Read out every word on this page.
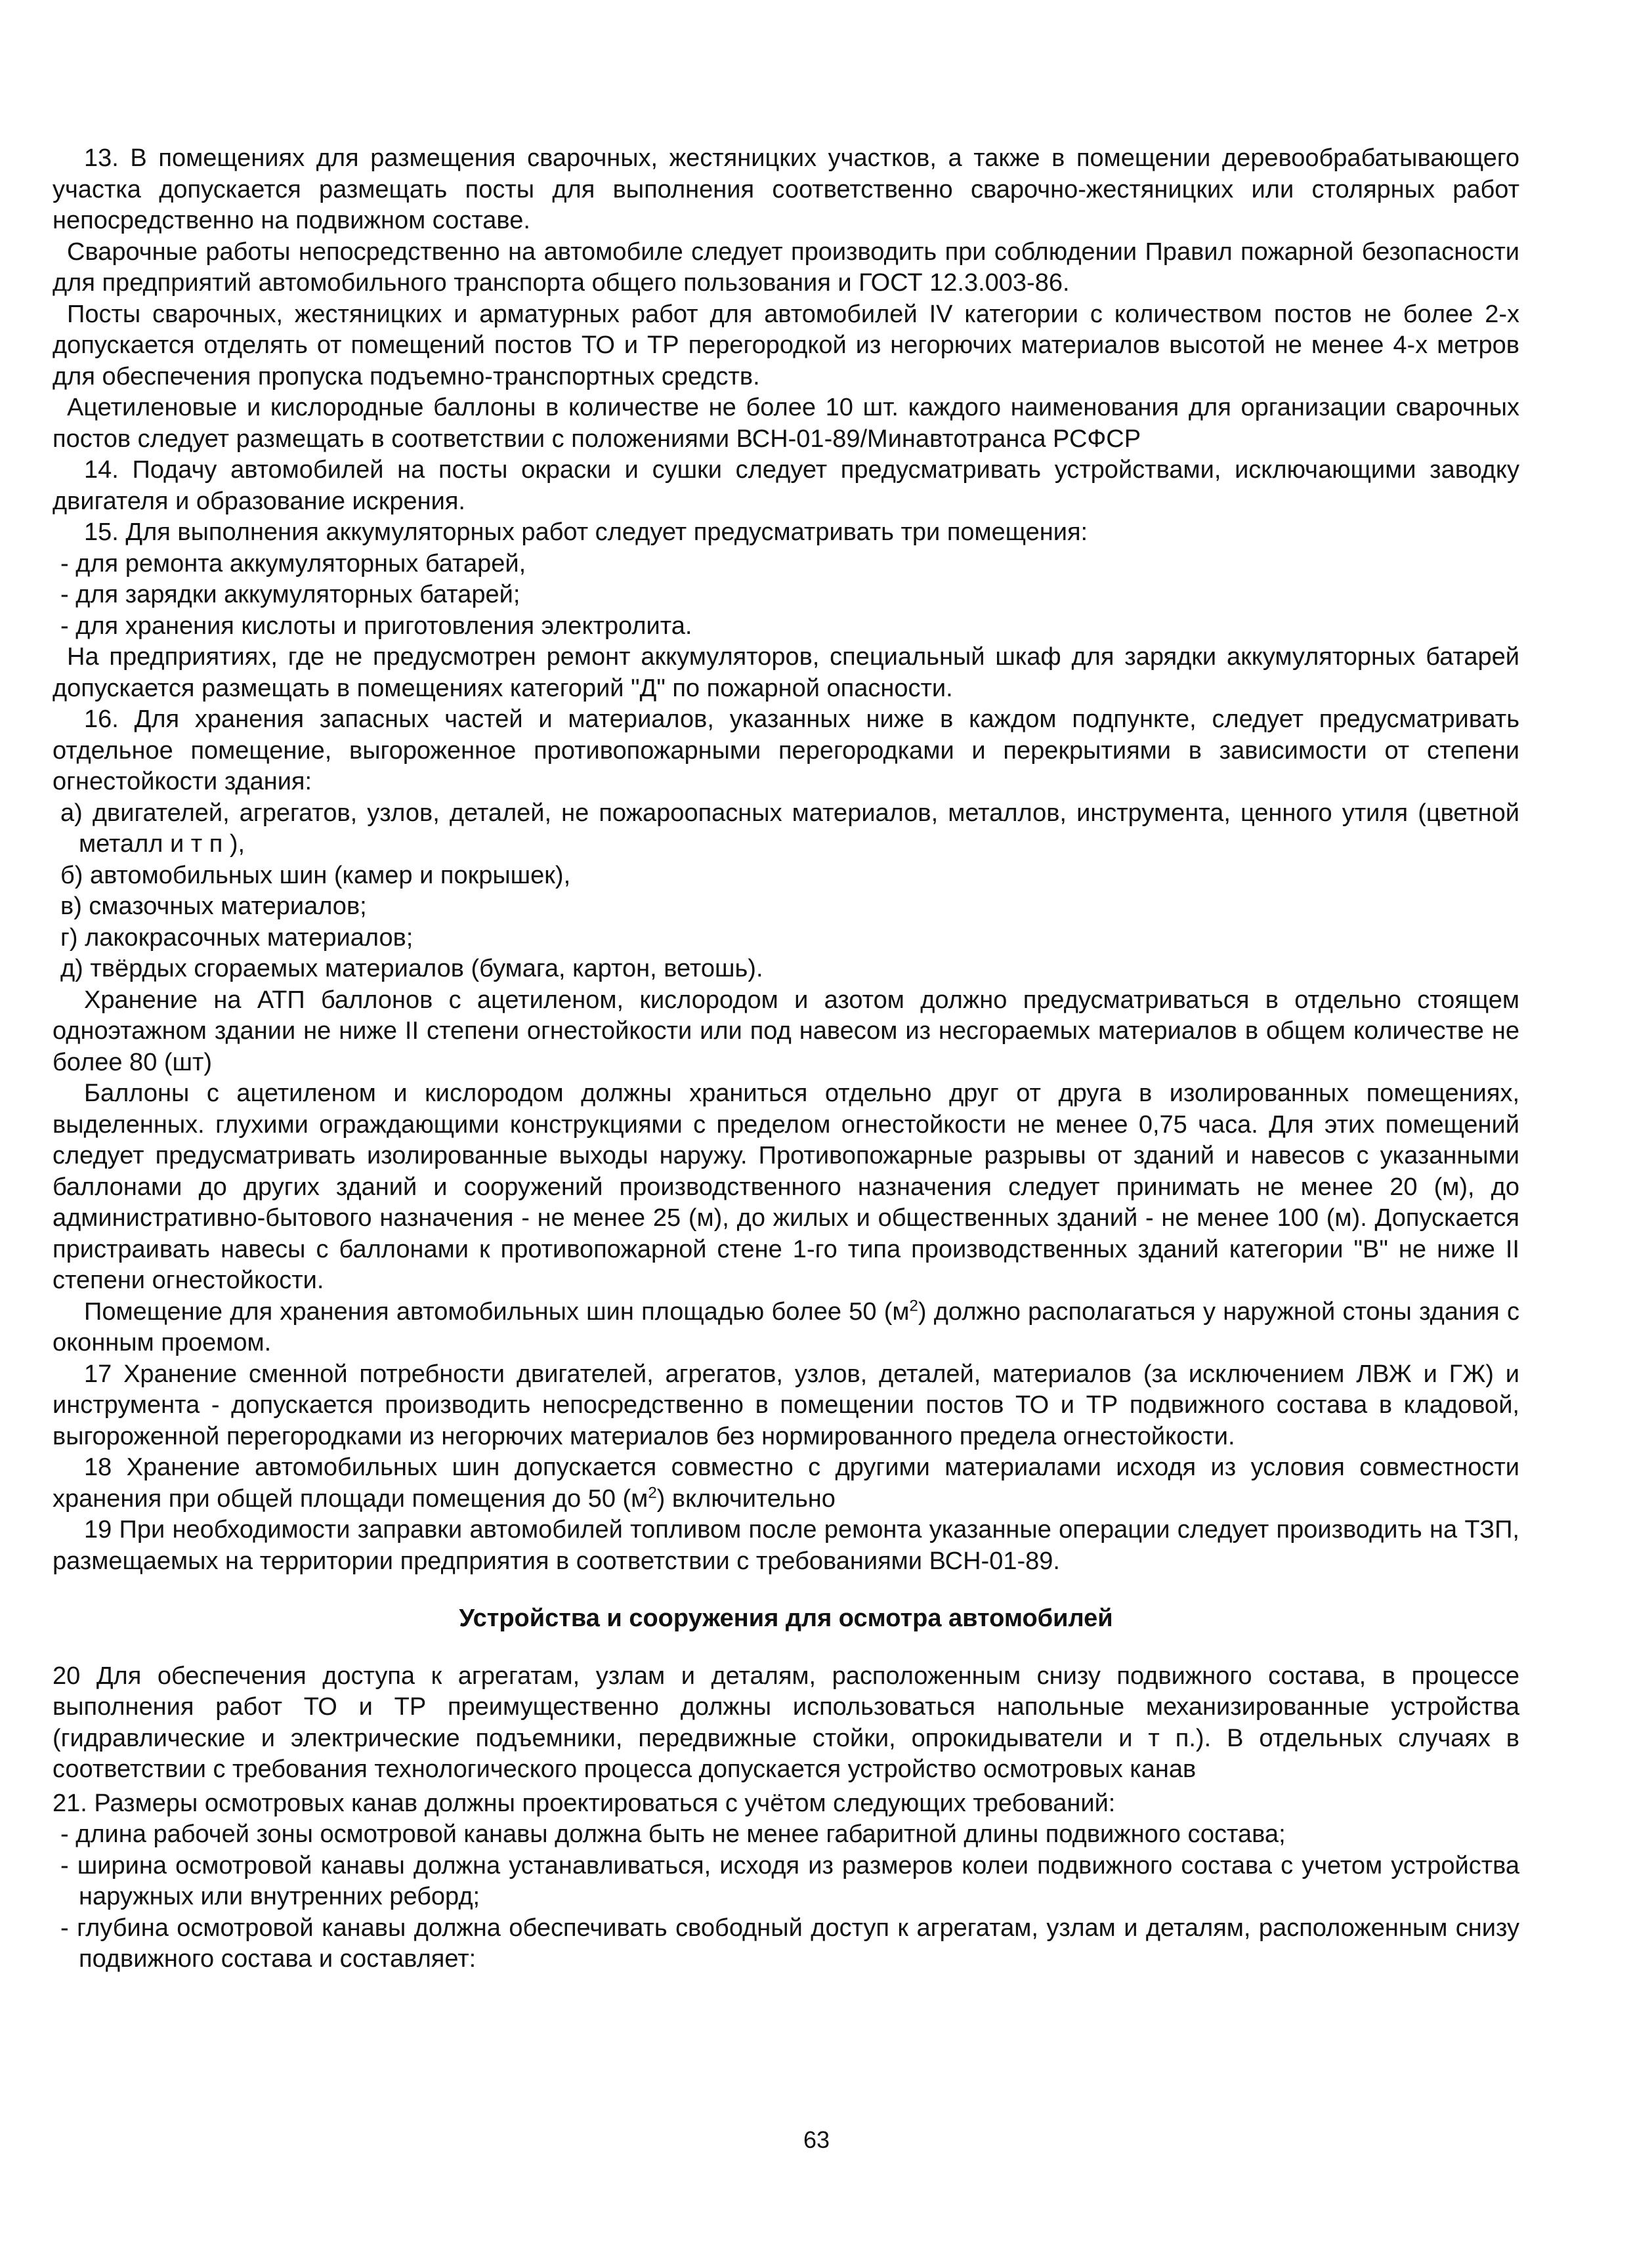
13. В помещениях для размещения сварочных, жестяницких участков, а также в помещении деревообрабатывающего участка допускается размещать посты для выполнения соответственно сварочно-жестяницких или столярных работ непосредственно на подвижном составе.

Сварочные работы непосредственно на автомобиле следует производить при соблюдении Правил пожарной безопасности для предприятий автомобильного транспорта общего пользования и ГОСТ 12.3.003-86.

Посты сварочных, жестяницких и арматурных работ для автомобилей IV категории с количеством постов не более 2-х допускается отделять от помещений постов ТО и ТР перегородкой из негорючих материалов высотой не менее 4-х метров для обеспечения пропуска подъемно-транспортных средств.

Ацетиленовые и кислородные баллоны в количестве не более 10 шт. каждого наименования для организации сварочных постов следует размещать в соответствии с положениями ВСН-01-89/Минавтотранса РСФСР

14. Подачу автомобилей на посты окраски и сушки следует предусматривать устройствами, исключающими заводку двигателя и образование искрения.

15. Для выполнения аккумуляторных работ следует предусматривать три помещения:

- для ремонта аккумуляторных батарей,

- для зарядки аккумуляторных батарей;

- для хранения кислоты и приготовления электролита.

На предприятиях, где не предусмотрен ремонт аккумуляторов, специальный шкаф для зарядки аккумуляторных батарей допускается размещать в помещениях категорий "Д" по пожарной опасности.

16. Для хранения запасных частей и материалов, указанных ниже в каждом подпункте, следует предусматривать отдельное помещение, выгороженное противопожарными перегородками и перекрытиями в зависимости от степени огнестойкости здания:

а) двигателей, агрегатов, узлов, деталей, не пожароопасных материалов, металлов, инструмента, ценного утиля (цветной металл и т п ),

б) автомобильных шин (камер и покрышек),

в) смазочных материалов;

г) лакокрасочных материалов;

д) твёрдых сгораемых материалов (бумага, картон, ветошь).

Хранение на АТП баллонов с ацетиленом, кислородом и азотом должно предусматриваться в отдельно стоящем одноэтажном здании не ниже II степени огнестойкости или под навесом из несгораемых материалов в общем количестве не более 80 (шт)

Баллоны с ацетиленом и кислородом должны храниться отдельно друг от друга в изолированных помещениях, выделенных. глухими ограждающими конструкциями с пределом огнестойкости не менее 0,75 часа. Для этих помещений следует предусматривать изолированные выходы наружу. Противопожарные разрывы от зданий и навесов с указанными баллонами до других зданий и сооружений производственного назначения следует принимать не менее 20 (м), до административно-бытового назначения - не менее 25 (м), до жилых и общественных зданий - не менее 100 (м). Допускается пристраивать навесы с баллонами к противопожарной стене 1-го типа производственных зданий категории "В" не ниже II степени огнестойкости.

Помещение для хранения автомобильных шин площадью более 50 $(м^2)$ должно располагаться у наружной стоны здания с оконным проемом.

17 Хранение сменной потребности двигателей, агрегатов, узлов, деталей, материалов (за исключением ЛВЖ и ГЖ) и инструмента - допускается производить непосредственно в помещении постов ТО и ТР подвижного состава в кладовой, выгороженной перегородками из негорючих материалов без нормированного предела огнестойкости.

18 Хранение автомобильных шин допускается совместно с другими материалами исходя из условия совместности хранения при общей площади помещения до 50 $(м^2)$ включительно

19 При необходимости заправки автомобилей топливом после ремонта указанные операции следует производить на ТЗП, размещаемых на территории предприятия в соответствии с требованиями ВСН-01-89.

Устройства и сооружения для осмотра автомобилей

20 Для обеспечения доступа к агрегатам, узлам и деталям, расположенным снизу подвижного состава, в процессе выполнения работ ТО и ТР преимущественно должны использоваться напольные механизированные устройства (гидравлические и электрические подъемники, передвижные стойки, опрокидыватели и т п.). В отдельных случаях в соответствии с требования технологического процесса допускается устройство осмотровых канав

21. Размеры осмотровых канав должны проектироваться с учётом следующих требований:

- длина рабочей зоны осмотровой канавы должна быть не менее габаритной длины подвижного состава;

- ширина осмотровой канавы должна устанавливаться, исходя из размеров колеи подвижного состава с учетом устройства наружных или внутренних реборд;

- глубина осмотровой канавы должна обеспечивать свободный доступ к агрегатам, узлам и деталям, расположенным снизу подвижного состава и составляет:

63
